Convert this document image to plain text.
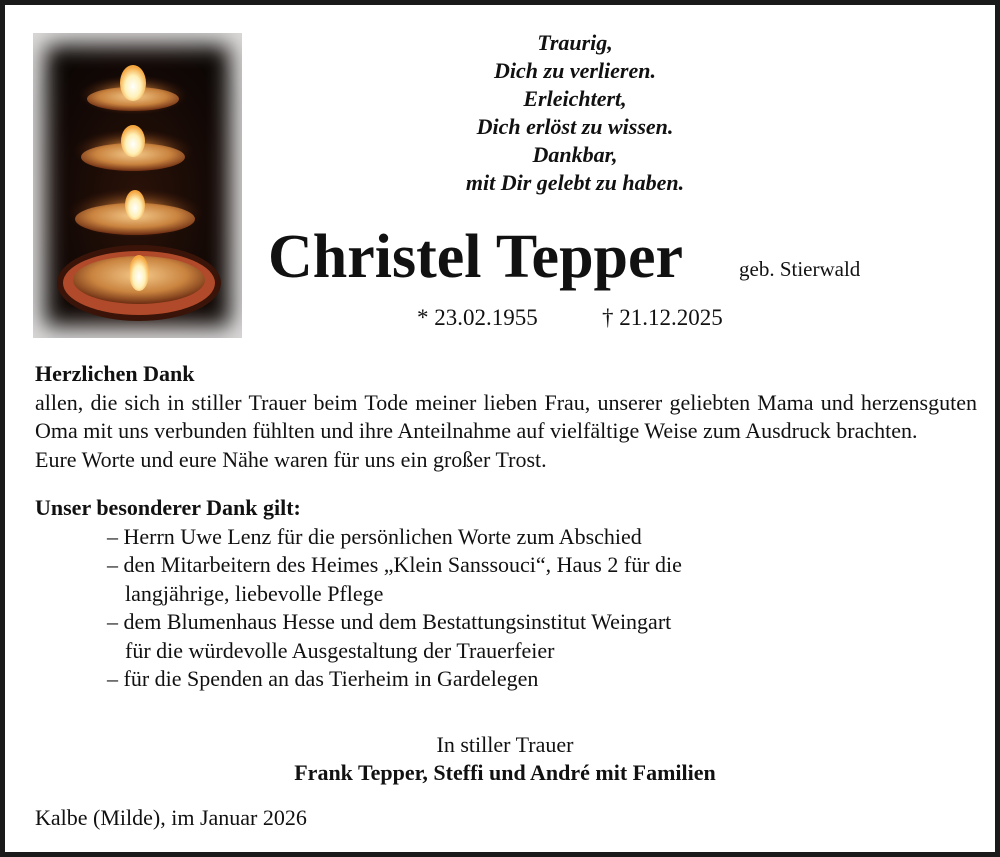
Traurig,
Dich zu verlieren.
Erleichtert,
Dich erlöst zu wissen.
Dankbar,
mit Dir gelebt zu haben.
Christel Tepper	geb. Stierwald
* 23.02.1955	† 21.12.2025
Herzlichen Dank
allen, die sich in stiller Trauer beim Tode meiner lieben Frau, unserer geliebten Mama und herzensguten Oma mit uns verbunden fühlten und ihre Anteilnahme auf vielfältige Weise zum Ausdruck brachten.
Eure Worte und eure Nähe waren für uns ein großer Trost.
Unser besonderer Dank gilt:
– Herrn Uwe Lenz für die persönlichen Worte zum Abschied
– den Mitarbeitern des Heimes „Klein Sanssouci“, Haus 2 für die
langjährige, liebevolle Pflege
– dem Blumenhaus Hesse und dem Bestattungsinstitut Weingart
für die würdevolle Ausgestaltung der Trauerfeier
– für die Spenden an das Tierheim in Gardelegen
In stiller Trauer
Frank Tepper, Steffi und André mit Familien
Kalbe (Milde), im Januar 2026
